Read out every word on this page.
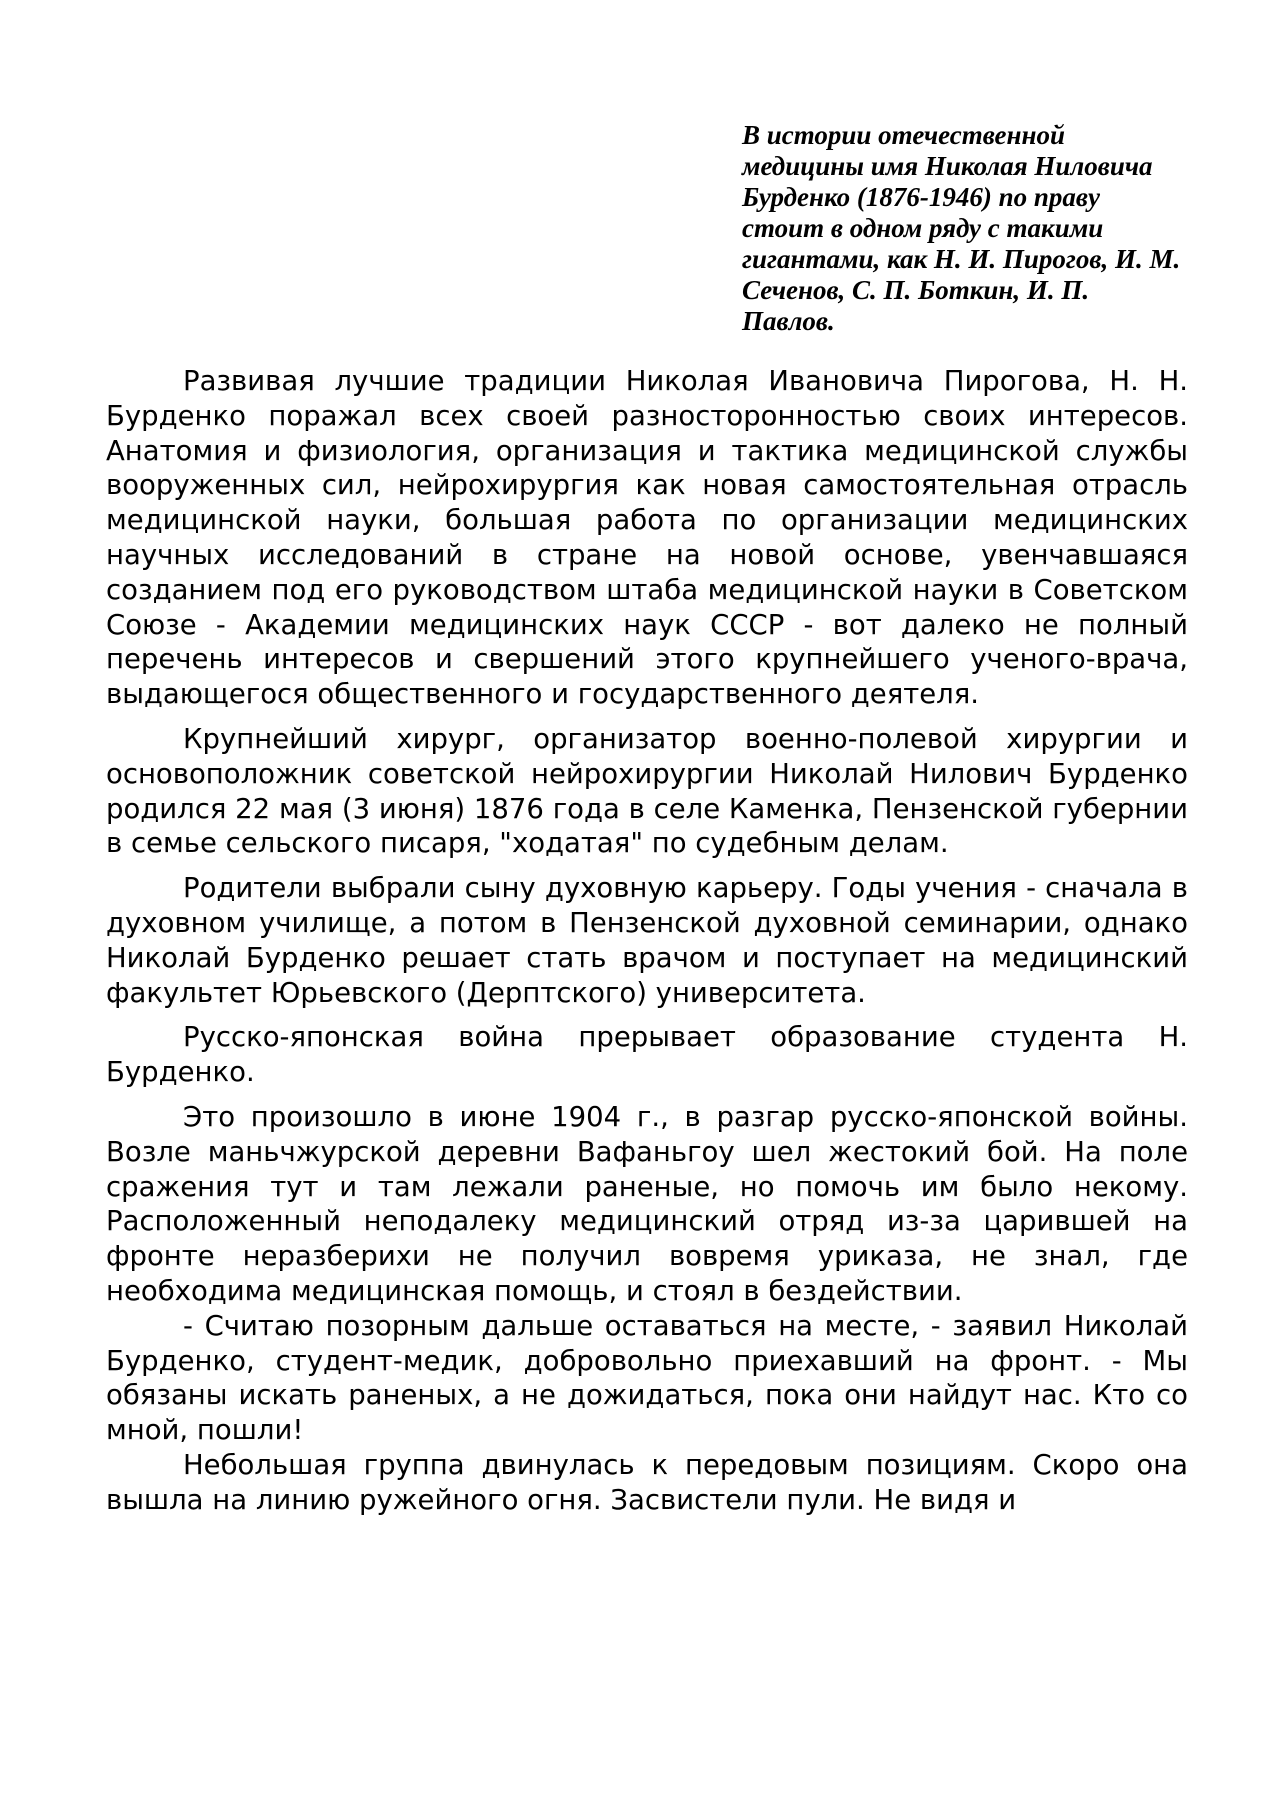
В истории отечественной медицины имя Николая Ниловича Бурденко (1876-1946) по праву стоит в одном ряду с такими гигантами, как Н. И. Пирогов, И. М. Сеченов, С. П. Боткин, И. П. Павлов.

Развивая лучшие традиции Николая Ивановича Пирогова, Н. Н. Бурденко поражал всех своей разносторонностью своих интересов. Анатомия и физиология, организация и тактика медицинской службы вооруженных сил, нейрохирургия как новая самостоятельная отрасль медицинской науки, большая работа по организации медицинских научных исследований в стране на новой основе, увенчавшаяся созданием под его руководством штаба медицинской науки в Советском Союзе - Академии медицинских наук СССР - вот далеко не полный перечень интересов и свершений этого крупнейшего ученого-врача, выдающегося общественного и государственного деятеля.

Крупнейший хирург, организатор военно-полевой хирургии и основоположник советской нейрохирургии Николай Нилович Бурденко родился 22 мая (3 июня) 1876 года в селе Каменка, Пензенской губернии в семье сельского писаря, "ходатая" по судебным делам.

Родители выбрали сыну духовную карьеру. Годы учения - сначала в духовном училище, а потом в Пензенской духовной семинарии, однако Николай Бурденко решает стать врачом и поступает на медицинский факультет Юрьевского (Дерптского) университета.

Русско-японская война прерывает образование студента Н. Бурденко.

Это произошло в июне 1904 г., в разгар русско-японской войны. Возле маньчжурской деревни Вафаньгоу шел жестокий бой. На поле сражения тут и там лежали раненые, но помочь им было некому. Расположенный неподалеку медицинский отряд из-за царившей на фронте неразберихи не получил вовремя уриказа, не знал, где необходима медицинская помощь, и стоял в бездействии.

- Считаю позорным дальше оставаться на месте, - заявил Николай Бурденко, студент-медик, добровольно приехавший на фронт. - Мы обязаны искать раненых, а не дожидаться, пока они найдут нас. Кто со мной, пошли!

Небольшая группа двинулась к передовым позициям. Скоро она вышла на линию ружейного огня. Засвистели пули. Не видя и
